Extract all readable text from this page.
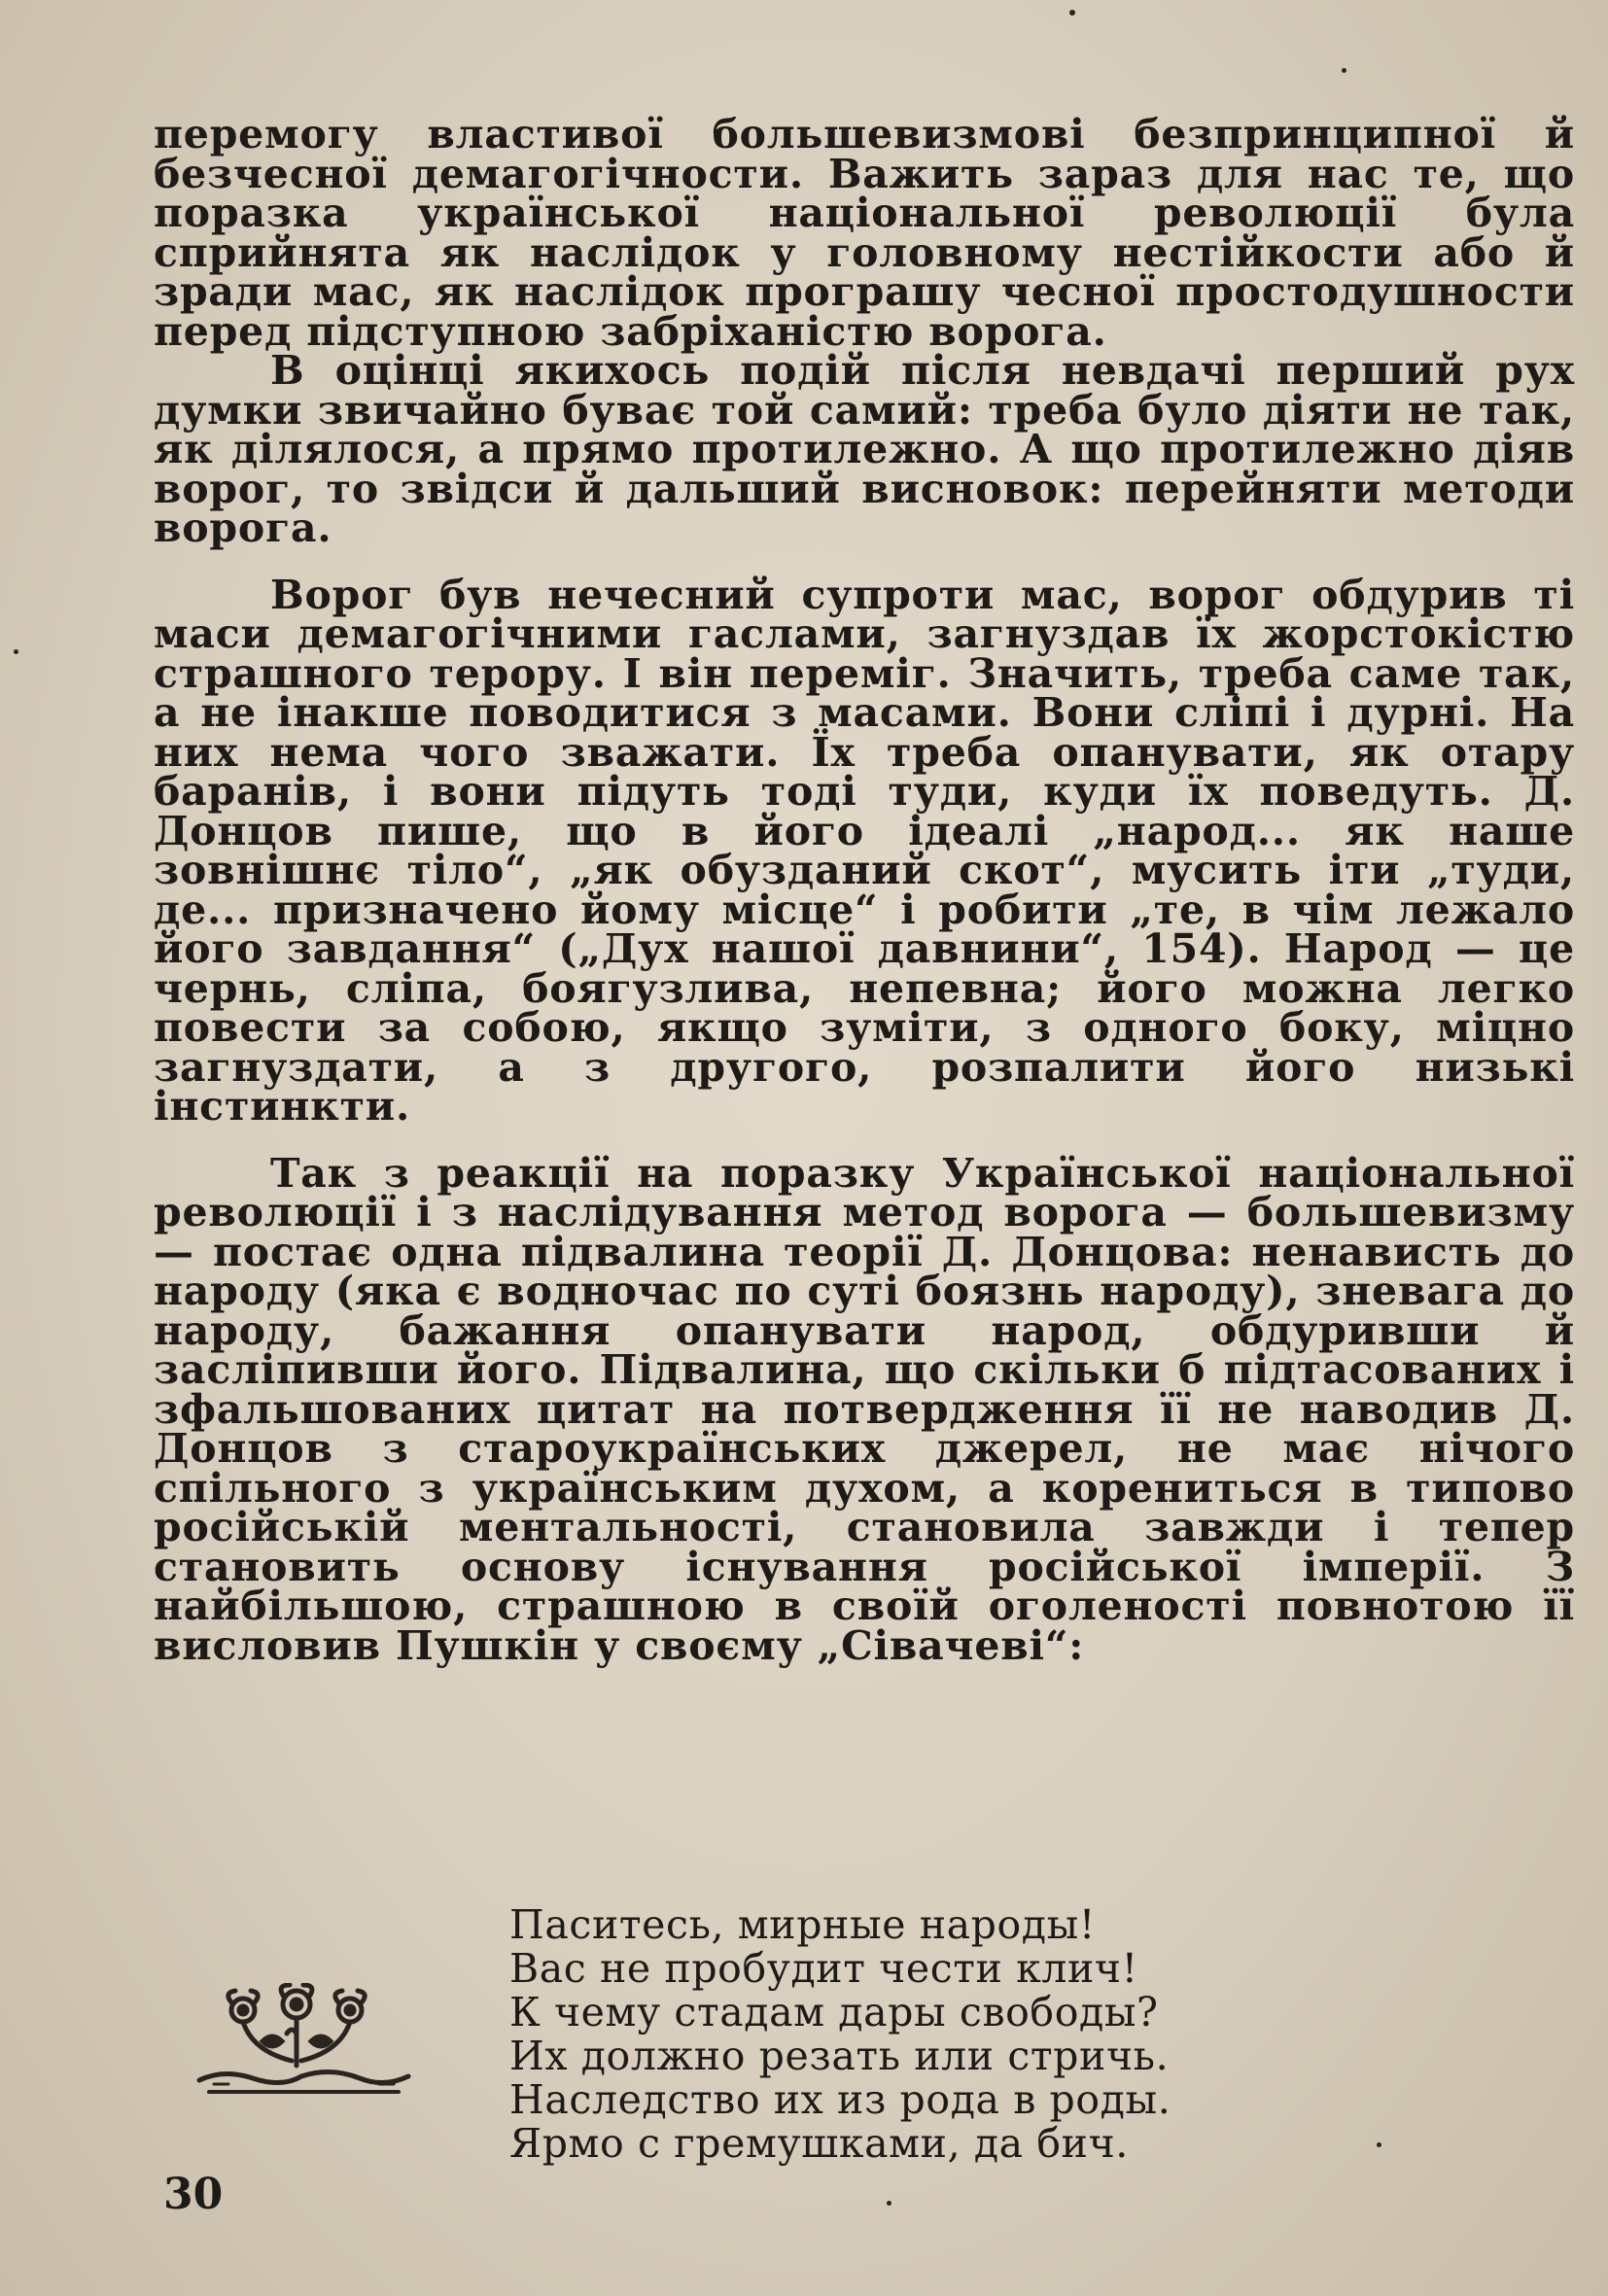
перемогу властивої большевизмові безпринципної й безчесної демагогічности. Важить зараз для нас те, що поразка української національної революції була сприйнята як наслідок у головному нестійкости або й зради мас, як наслідок програшу чесної простодушности перед підступною забріханістю ворога.

В оцінці якихось подій після невдачі перший рух думки звичайно буває той самий: треба було діяти не так, як ділялося, а прямо протилежно. А що протилежно діяв ворог, то звідси й дальший висновок: перейняти методи ворога.

Ворог був нечесний супроти мас, ворог обдурив ті маси демагогічними гаслами, загнуздав їх жорстокістю страшного терору. І він переміг. Значить, треба саме так, а не інакше поводитися з масами. Вони сліпі і дурні. На них нема чого зважати. Їх треба опанувати, як отару баранів, і вони підуть тоді туди, куди їх поведуть. Д. Донцов пише, що в його ідеалі „народ... як наше зовнішнє тіло“, „як обузданий скот“, мусить іти „туди, де... призначено йому місце“ і робити „те, в чім лежало його завдання“ („Дух нашої давнини“, 154). Народ — це чернь, сліпа, боягузлива, непевна; його можна легко повести за собою, якщо зуміти, з одного боку, міцно загнуздати, а з другого, розпалити його низькі інстинкти.

Так з реакції на поразку Української національної революції і з наслідування метод ворога — большевизму — постає одна підвалина теорії Д. Донцова: ненависть до народу (яка є водночас по суті боязнь народу), зневага до народу, бажання опанувати народ, обдуривши й засліпивши його. Підвалина, що скільки б підтасованих і зфальшованих цитат на потвердження її не наводив Д. Донцов з староукраїнських джерел, не має нічого спільного з українським духом, а корениться в типово російській ментальності, становила завжди і тепер становить основу існування російської імперії. З найбільшою, страшною в своїй оголеності повнотою її висловив Пушкін у своєму „Сівачеві“:

Паситесь, мирные народы!
Вас не пробудит чести клич!
К чему стадам дары свободы?
Их должно резать или стричь.
Наследство их из рода в роды.
Ярмо с гремушками, да бич.
30
